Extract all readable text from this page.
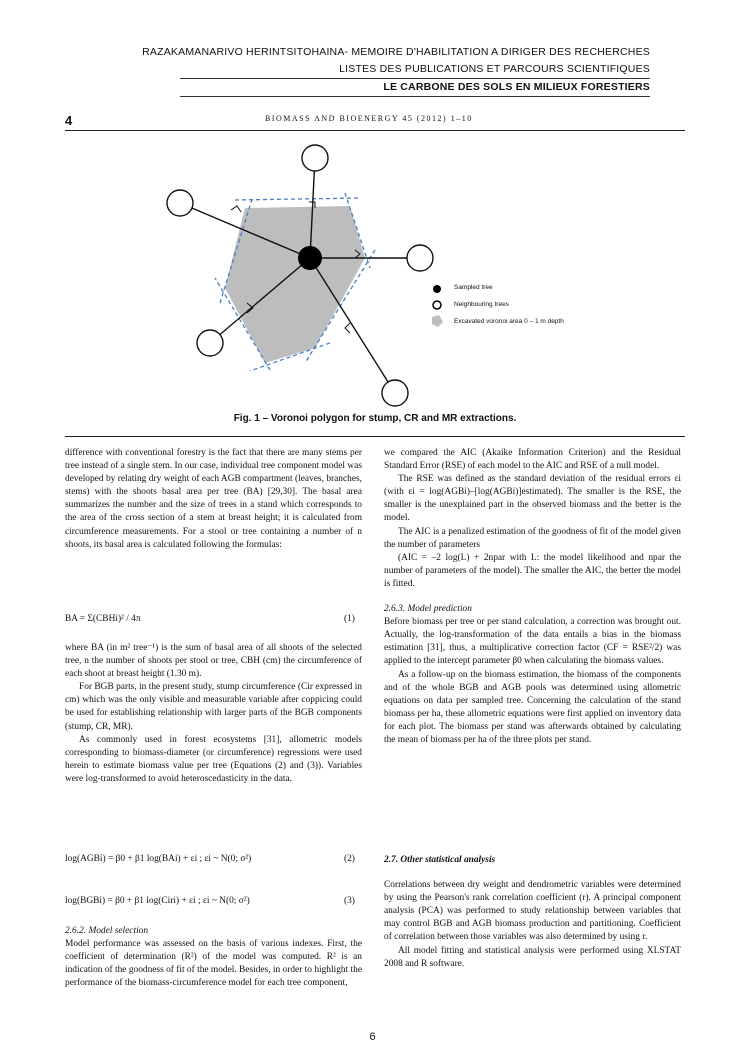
RAZAKAMANARIVO HERINTSITOHAINA- MEMOIRE D'HABILITATION A DIRIGER DES RECHERCHES
LISTES DES PUBLICATIONS ET PARCOURS SCIENTIFIQUES
LE CARBONE DES SOLS EN MILIEUX FORESTIERS
4	BIOMASS AND BIOENERGY 45 (2012) 1–10
Sampled tree
Neighbouring trees
Excavated voronoi area 0 – 1 m depth
Fig. 1 – Voronoi polygon for stump, CR and MR extractions.

difference with conventional forestry is the fact that there are many stems per tree instead of a single stem. In our case, individual tree component model was developed by relating dry weight of each AGB compartment (leaves, branches, stems) with the shoots basal area per tree (BA) [29,30]. The basal area summarizes the number and the size of trees in a stand which corresponds to the area of the cross section of a stem at breast height; it is calculated from circumference measurements. For a stool or tree containing a number of n shoots, its basal area is calculated following the formulas:

BA = Σ(CBHi)² / 4π	(1)

where BA (in m² tree⁻¹) is the sum of basal area of all shoots of the selected tree, n the number of shoots per stool or tree, CBH (cm) the circumference of each shoot at breast height (1.30 m).

For BGB parts, in the present study, stump circumference (Cir expressed in cm) which was the only visible and measurable variable after coppicing could be used for establishing relationship with larger parts of the BGB components (stump, CR, MR).

As commonly used in forest ecosystems [31], allometric models corresponding to biomass-diameter (or circumference) regressions were used herein to estimate biomass value per tree (Equations (2) and (3)). Variables were log-transformed to avoid heteroscedasticity in the data.

log(AGBi) = β0 + β1 log(BAi) + εi ; εi ~ N(0; σ²)	(2)
log(BGBi) = β0 + β1 log(Ciri) + εi ; εi ~ N(0; σ²)	(3)

2.6.2. Model selection

Model performance was assessed on the basis of various indexes. First, the coefficient of determination (R²) of the model was computed. R² is an indication of the goodness of fit of the model. Besides, in order to highlight the performance of the biomass-circumference model for each tree component,

we compared the AIC (Akaike Information Criterion) and the Residual Standard Error (RSE) of each model to the AIC and RSE of a null model.

The RSE was defined as the standard deviation of the residual errors εi (with εi = log(AGBi)–[log(AGBi)]estimated). The smaller is the RSE, the smaller is the unexplained part in the observed biomass and the better is the model.

The AIC is a penalized estimation of the goodness of fit of the model given the number of parameters

(AIC = –2 log(L) + 2npar with L: the model likelihood and npar the number of parameters of the model). The smaller the AIC, the better the model is fitted.

2.6.3. Model prediction

Before biomass per tree or per stand calculation, a correction was brought out. Actually, the log-transformation of the data entails a bias in the biomass estimation [31], thus, a multiplicative correction factor (CF = RSE²/2) was applied to the intercept parameter β0 when calculating the biomass values.

As a follow-up on the biomass estimation, the biomass of the components and of the whole BGB and AGB pools was determined using allometric equations on data per sampled tree. Concerning the calculation of the stand biomass per ha, these allometric equations were first applied on inventory data for each plot. The biomass per stand was afterwards obtained by calculating the mean of biomass per ha of the three plots per stand.

2.7. Other statistical analysis

Correlations between dry weight and dendrometric variables were determined by using the Pearson's rank correlation coefficient (r). A principal component analysis (PCA) was performed to study relationship between variables that may control BGB and AGB biomass production and partitioning. Coefficient of correlation between those variables was also determined by using r.

All model fitting and statistical analysis were performed using XLSTAT 2008 and R software.

6
